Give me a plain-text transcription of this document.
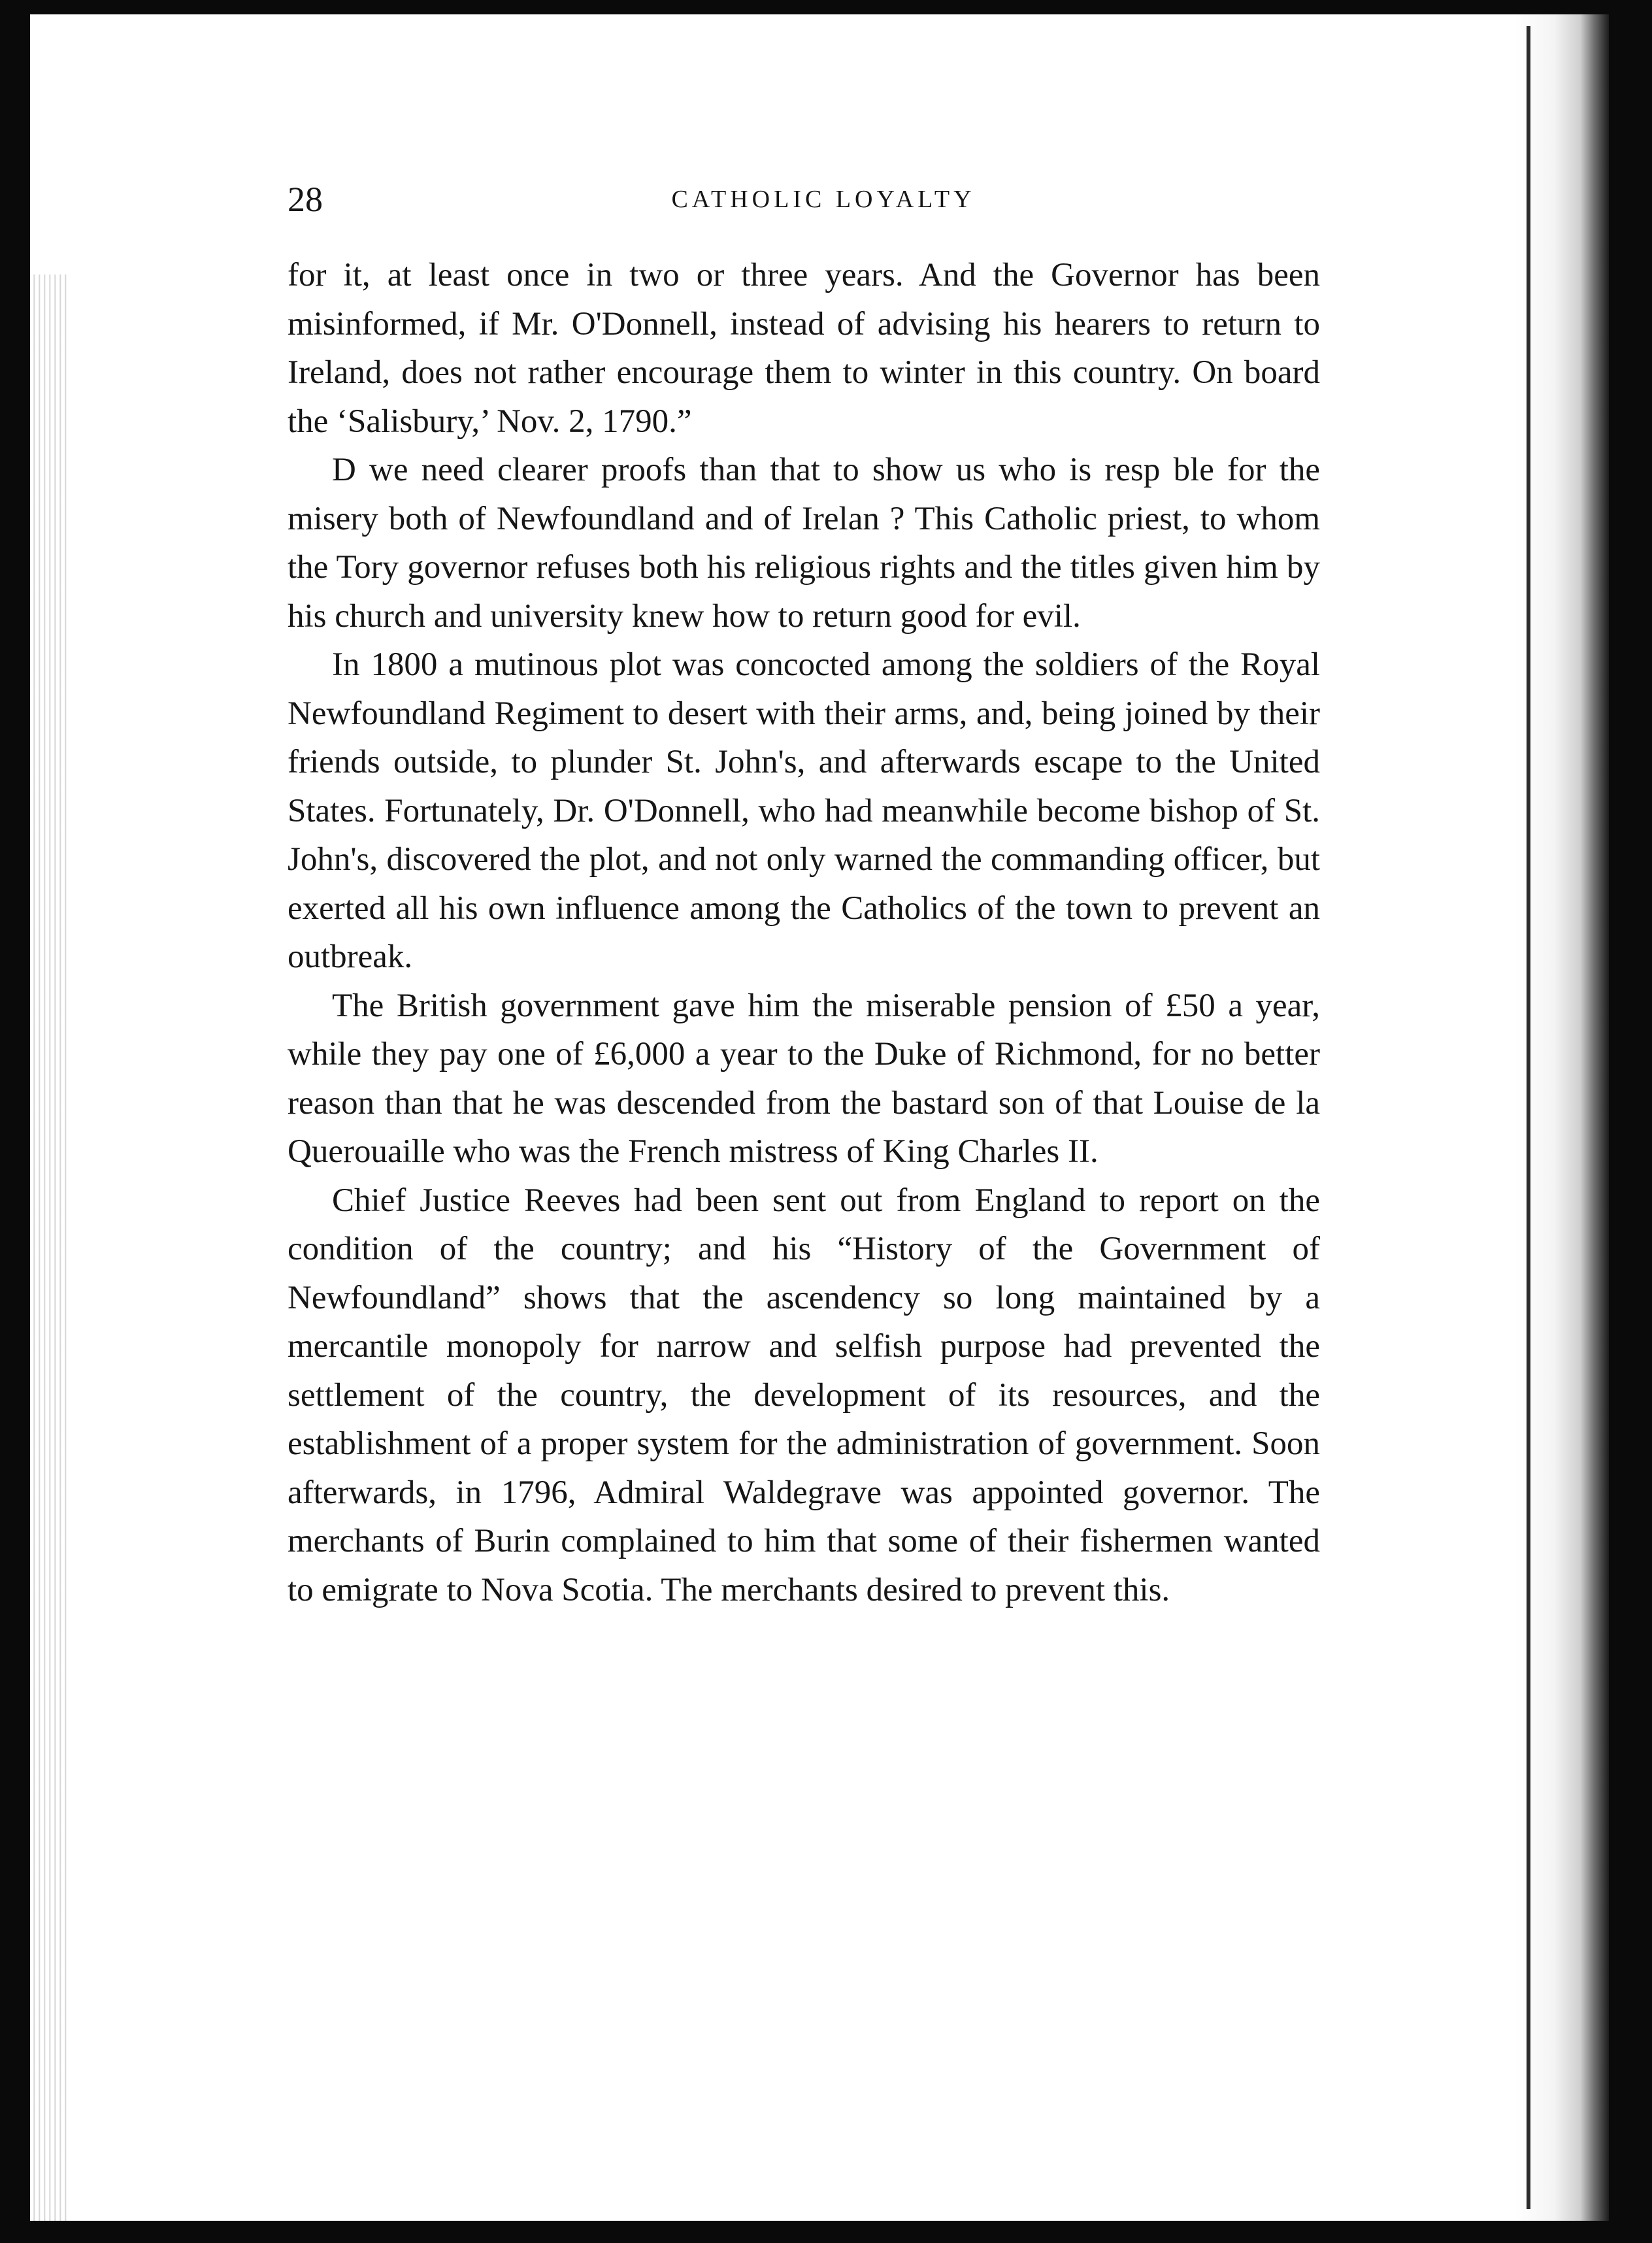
28	CATHOLIC LOYALTY

for it, at least once in two or three years. And the Governor has been misinformed, if Mr. O'Donnell, instead of advising his hearers to return to Ireland, does not rather encourage them to winter in this country. On board the ‘Salisbury,’ Nov. 2, 1790.”

D we need clearer proofs than that to show us who is resp ble for the misery both of Newfoundland and of Irelan ? This Catholic priest, to whom the Tory governor refuses both his religious rights and the titles given him by his church and university knew how to return good for evil.

In 1800 a mutinous plot was concocted among the soldiers of the Royal Newfoundland Regiment to desert with their arms, and, being joined by their friends outside, to plunder St. John's, and afterwards escape to the United States. Fortunately, Dr. O'Donnell, who had meanwhile become bishop of St. John's, discovered the plot, and not only warned the commanding officer, but exerted all his own influence among the Catholics of the town to prevent an outbreak.

The British government gave him the miserable pension of £50 a year, while they pay one of £6,000 a year to the Duke of Richmond, for no better reason than that he was descended from the bastard son of that Louise de la Querouaille who was the French mistress of King Charles II.

Chief Justice Reeves had been sent out from England to report on the condition of the country; and his “History of the Government of Newfoundland” shows that the ascendency so long maintained by a mercantile monopoly for narrow and selfish purpose had prevented the settlement of the country, the development of its resources, and the establishment of a proper system for the administration of government. Soon afterwards, in 1796, Admiral Waldegrave was appointed governor. The merchants of Burin complained to him that some of their fishermen wanted to emigrate to Nova Scotia. The merchants desired to prevent this.
